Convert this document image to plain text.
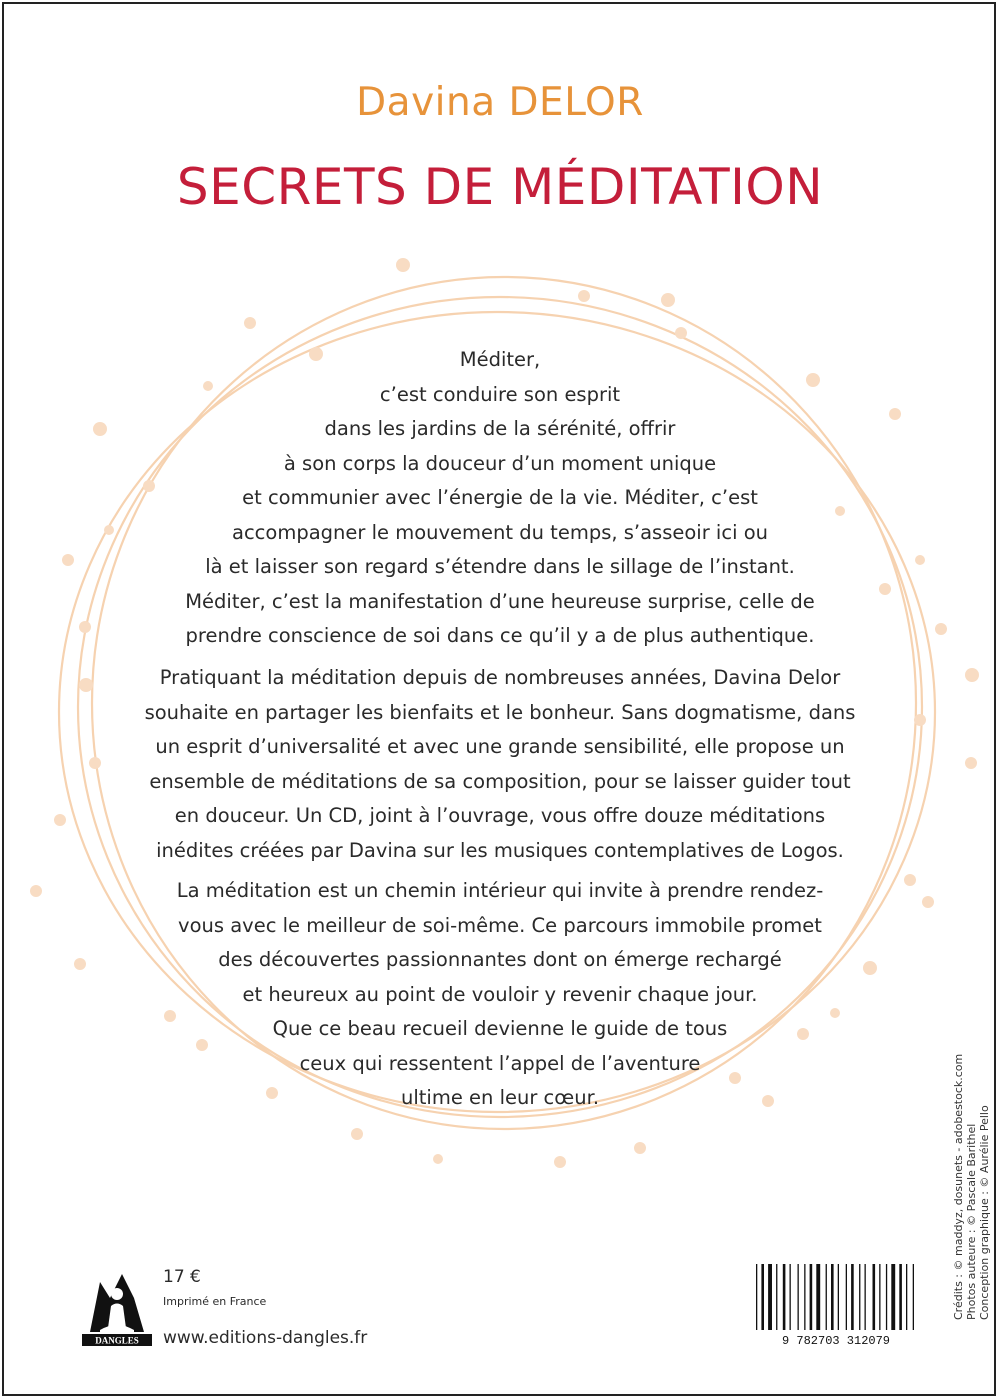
Davina DELOR
SECRETS DE MÉDITATION
Méditer,
c’est conduire son esprit
dans les jardins de la sérénité, offrir
à son corps la douceur d’un moment unique
et communier avec l’énergie de la vie. Méditer, c’est
accompagner le mouvement du temps, s’asseoir ici ou
là et laisser son regard s’étendre dans le sillage de l’instant.
Méditer, c’est la manifestation d’une heureuse surprise, celle de
prendre conscience de soi dans ce qu’il y a de plus authentique.
Pratiquant la méditation depuis de nombreuses années, Davina Delor
souhaite en partager les bienfaits et le bonheur. Sans dogmatisme, dans
un esprit d’universalité et avec une grande sensibilité, elle propose un
ensemble de méditations de sa composition, pour se laisser guider tout
en douceur. Un CD, joint à l’ouvrage, vous offre douze méditations
inédites créées par Davina sur les musiques contemplatives de Logos.
La méditation est un chemin intérieur qui invite à prendre rendez-
vous avec le meilleur de soi-même. Ce parcours immobile promet
des découvertes passionnantes dont on émerge rechargé
et heureux au point de vouloir y revenir chaque jour.
Que ce beau recueil devienne le guide de tous
ceux qui ressentent l’appel de l’aventure
ultime en leur cœur.	Crédits : © maddyz, dosunets - adobestock.com Photos auteure : © Pascale Barithel Conception graphique : © Aurélie Pello
DANGLES
17 €
Imprimé en France
www.editions-dangles.fr	9 782703 312079
